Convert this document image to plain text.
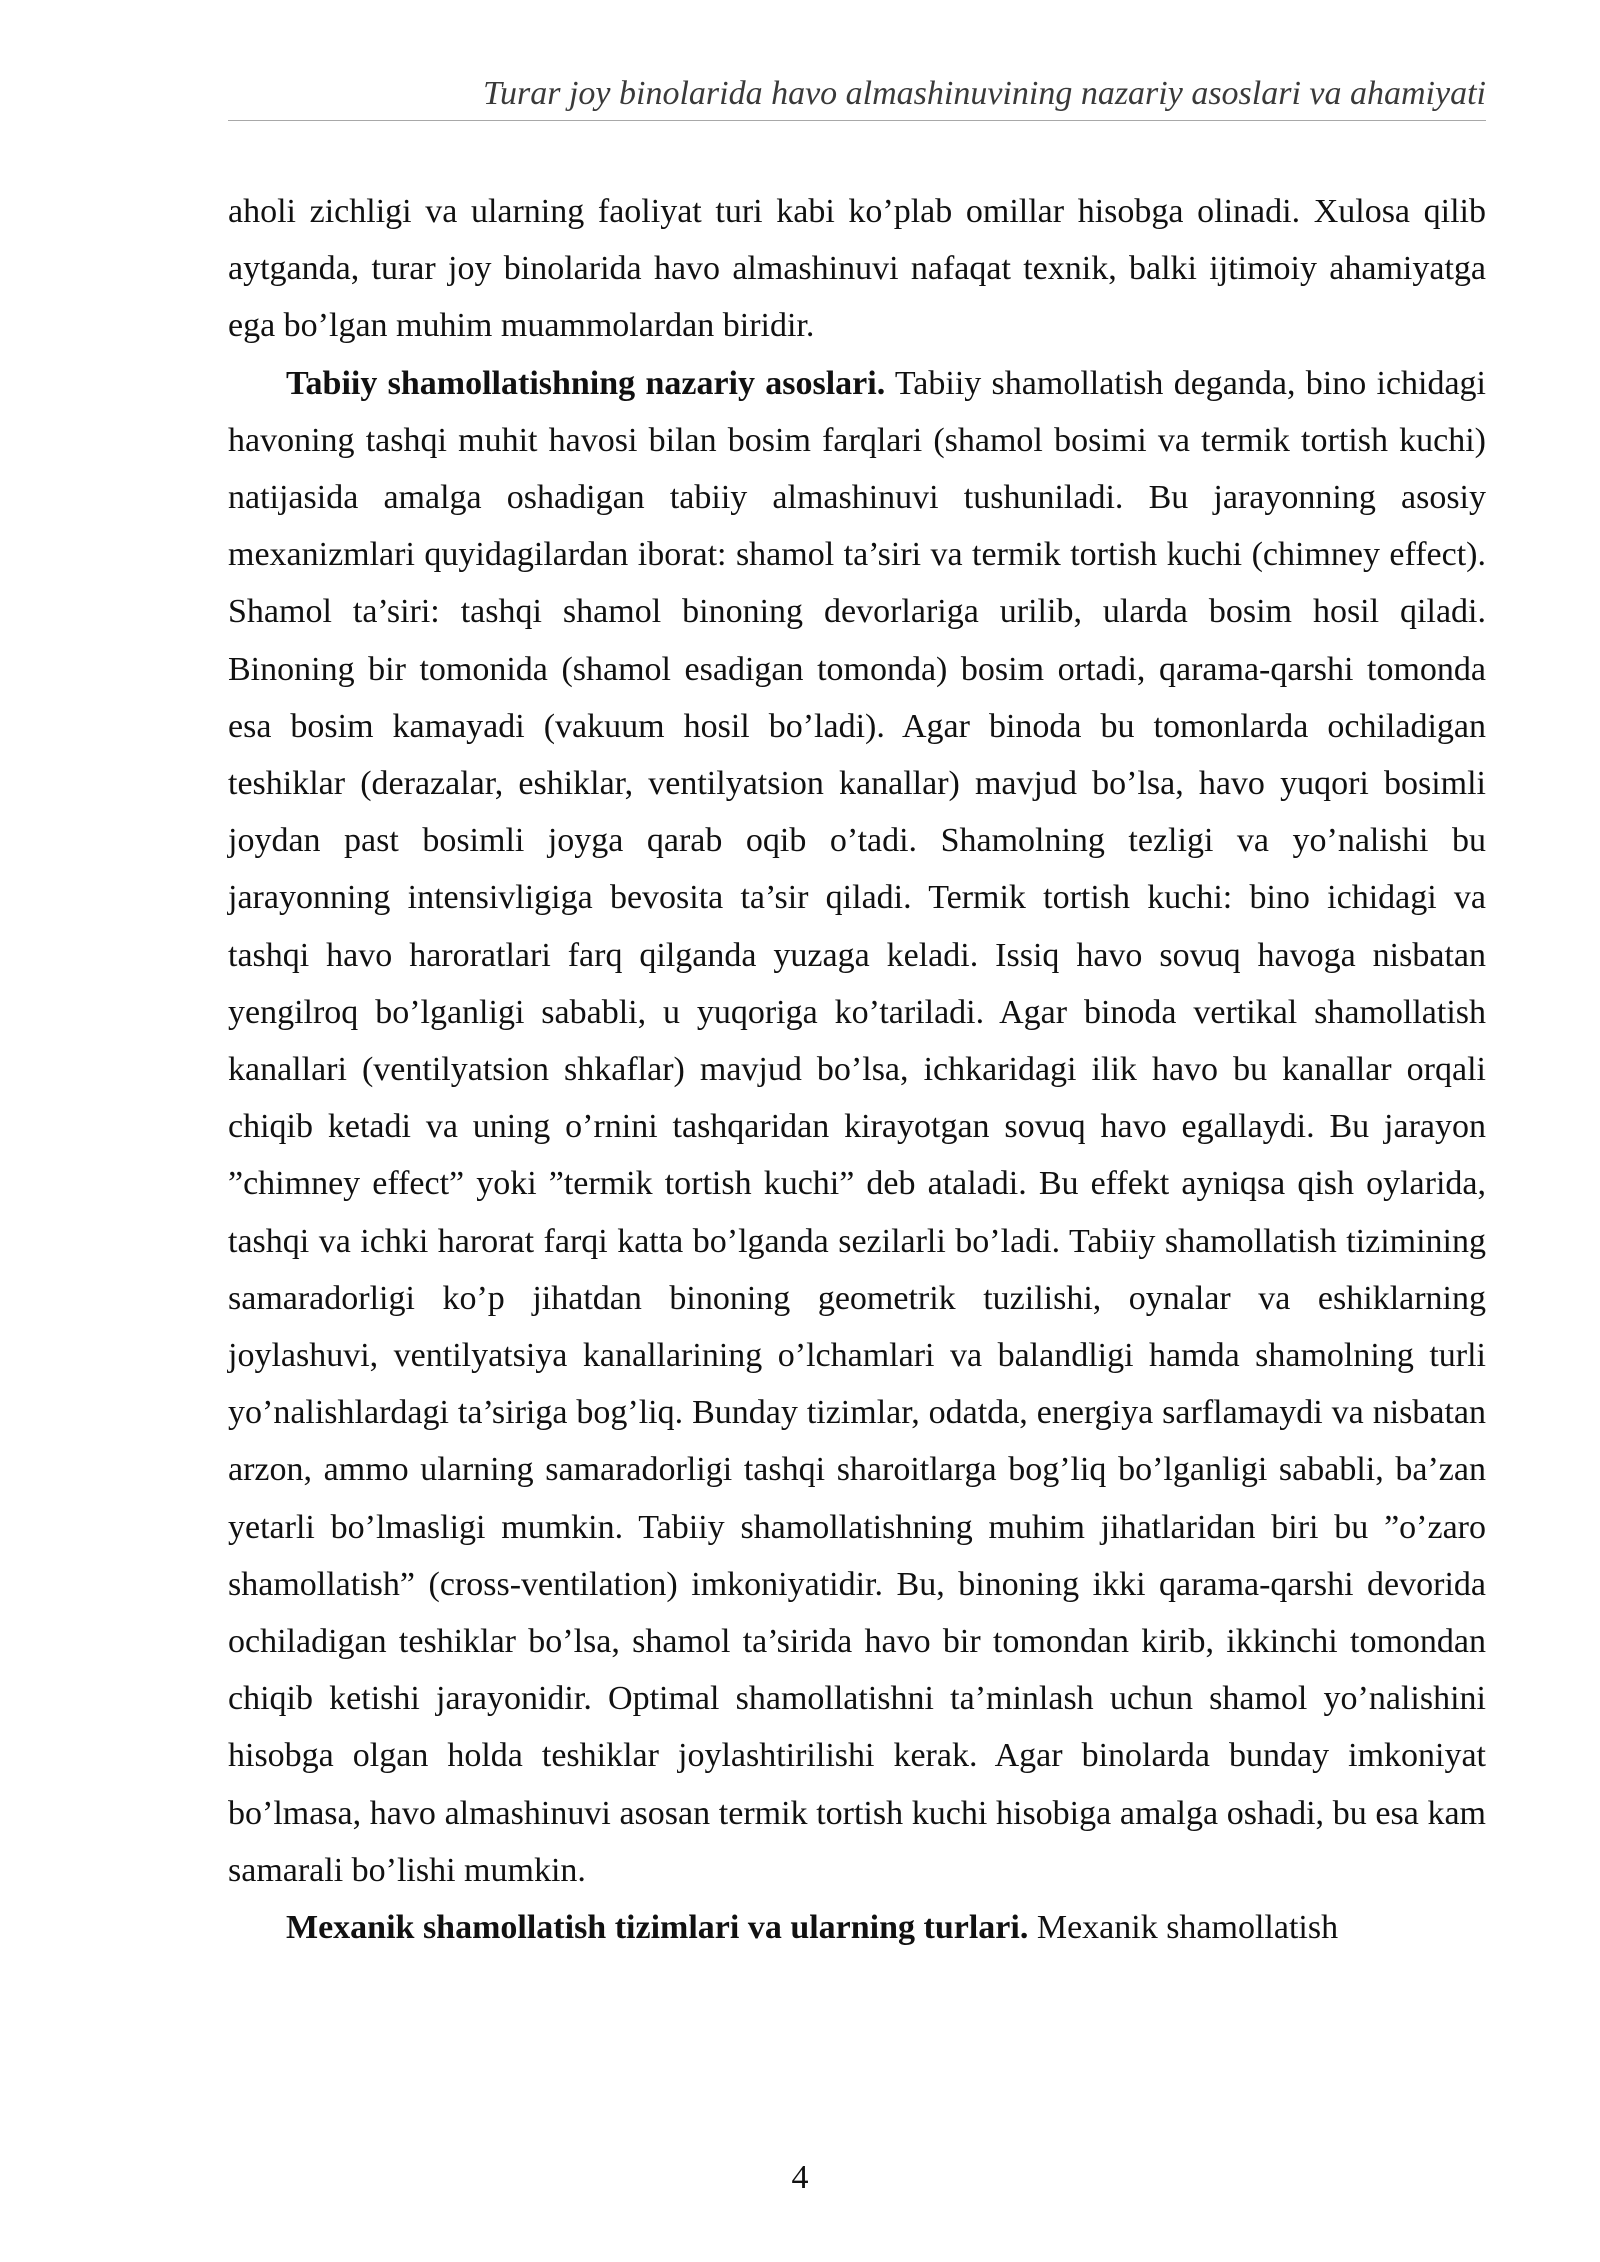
Turar joy binolarida havo almashinuvining nazariy asoslari va ahamiyati

aholi zichligi va ularning faoliyat turi kabi ko’plab omillar hisobga olinadi. Xulosa qilib aytganda, turar joy binolarida havo almashinuvi nafaqat texnik, balki ijtimoiy ahamiyatga ega bo’lgan muhim muammolardan biridir.

Tabiiy shamollatishning nazariy asoslari. Tabiiy shamollatish deganda, bino ichidagi havoning tashqi muhit havosi bilan bosim farqlari (shamol bosimi va termik tortish kuchi) natijasida amalga oshadigan tabiiy almashinuvi tushuniladi. Bu jarayonning asosiy mexanizmlari quyidagilardan iborat: shamol ta’siri va termik tortish kuchi (chimney effect). Shamol ta’siri: tashqi shamol binoning devorlariga urilib, ularda bosim hosil qiladi. Binoning bir tomonida (shamol esadigan tomonda) bosim ortadi, qarama-qarshi tomonda esa bosim kamayadi (vakuum hosil bo’ladi). Agar binoda bu tomonlarda ochiladigan teshiklar (derazalar, eshiklar, ventilyatsion kanallar) mavjud bo’lsa, havo yuqori bosimli joydan past bosimli joyga qarab oqib o’tadi. Shamolning tezligi va yo’nalishi bu jarayonning intensivligiga bevosita ta’sir qiladi. Termik tortish kuchi: bino ichidagi va tashqi havo haroratlari farq qilganda yuzaga keladi. Issiq havo sovuq havoga nisbatan yengilroq bo’lganligi sababli, u yuqoriga ko’tariladi. Agar binoda vertikal shamollatish kanallari (ventilyatsion shkaflar) mavjud bo’lsa, ichkaridagi ilik havo bu kanallar orqali chiqib ketadi va uning o’rnini tashqaridan kirayotgan sovuq havo egallaydi. Bu jarayon ”chimney effect” yoki ”termik tortish kuchi” deb ataladi. Bu effekt ayniqsa qish oylarida, tashqi va ichki harorat farqi katta bo’lganda sezilarli bo’ladi. Tabiiy shamollatish tizimining samaradorligi ko’p jihatdan binoning geometrik tuzilishi, oynalar va eshiklarning joylashuvi, ventilyatsiya kanallarining o’lchamlari va balandligi hamda shamolning turli yo’nalishlardagi ta’siriga bog’liq. Bunday tizimlar, odatda, energiya sarflamaydi va nisbatan arzon, ammo ularning samaradorligi tashqi sharoitlarga bog’liq bo’lganligi sababli, ba’zan yetarli bo’lmasligi mumkin. Tabiiy shamollatishning muhim jihatlaridan biri bu ”o’zaro shamollatish” (cross-ventilation) imkoniyatidir. Bu, binoning ikki qarama-qarshi devorida ochiladigan teshiklar bo’lsa, shamol ta’sirida havo bir tomondan kirib, ikkinchi tomondan chiqib ketishi jarayonidir. Optimal shamollatishni ta’minlash uchun shamol yo’nalishini hisobga olgan holda teshiklar joylashtirilishi kerak. Agar binolarda bunday imkoniyat bo’lmasa, havo almashinuvi asosan termik tortish kuchi hisobiga amalga oshadi, bu esa kam samarali bo’lishi mumkin.

Mexanik shamollatish tizimlari va ularning turlari. Mexanik shamollatish

4
